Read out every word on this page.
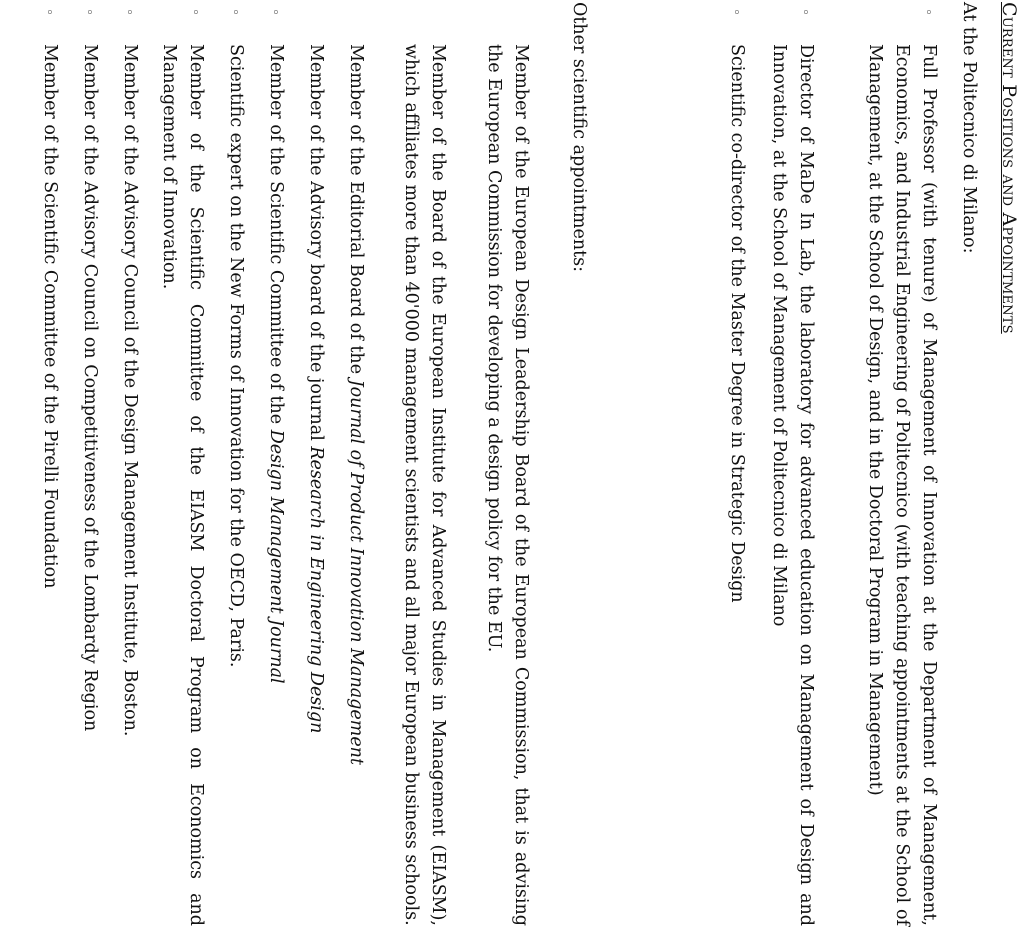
Current Positions and Appointments
At the Politecnico di Milano:
◦
Full Professor (with tenure) of Management of Innovation at the Department of Management, Economics, and Industrial Engineering of Politecnico (with teaching appointments at the School of Management, at the School of Design, and in the Doctoral Program in Management)
◦
Director of MaDe In Lab, the laboratory for advanced education on Management of Design and Innovation, at the School of Management of Politecnico di Milano
◦
Scientific co-director of the Master Degree in Strategic Design
Other scientific appointments:
Member of the European Design Leadership Board of the European Commission, that is advising the European Commission for developing a design policy for the EU.
Member of the Board of the European Institute for Advanced Studies in Management (EIASM), which affiliates more than 40'000 management scientists and all major European business schools.
Member of the Editorial Board of the Journal of Product Innovation Management
Member of the Advisory board of the journal Research in Engineering Design
◦
Member of the Scientific Committee of the Design Management Journal
◦
Scientific expert on the New Forms of Innovation for the OECD, Paris.
◦
Member of the Scientific Committee of the EIASM Doctoral Program on Economics and Management of Innovation.
◦
Member of the Advisory Council of the Design Management Institute, Boston.
◦
Member of the Advisory Council on Competitiveness of the Lombardy Region
◦
Member of the Scientific Committee of the Pirelli Foundation
